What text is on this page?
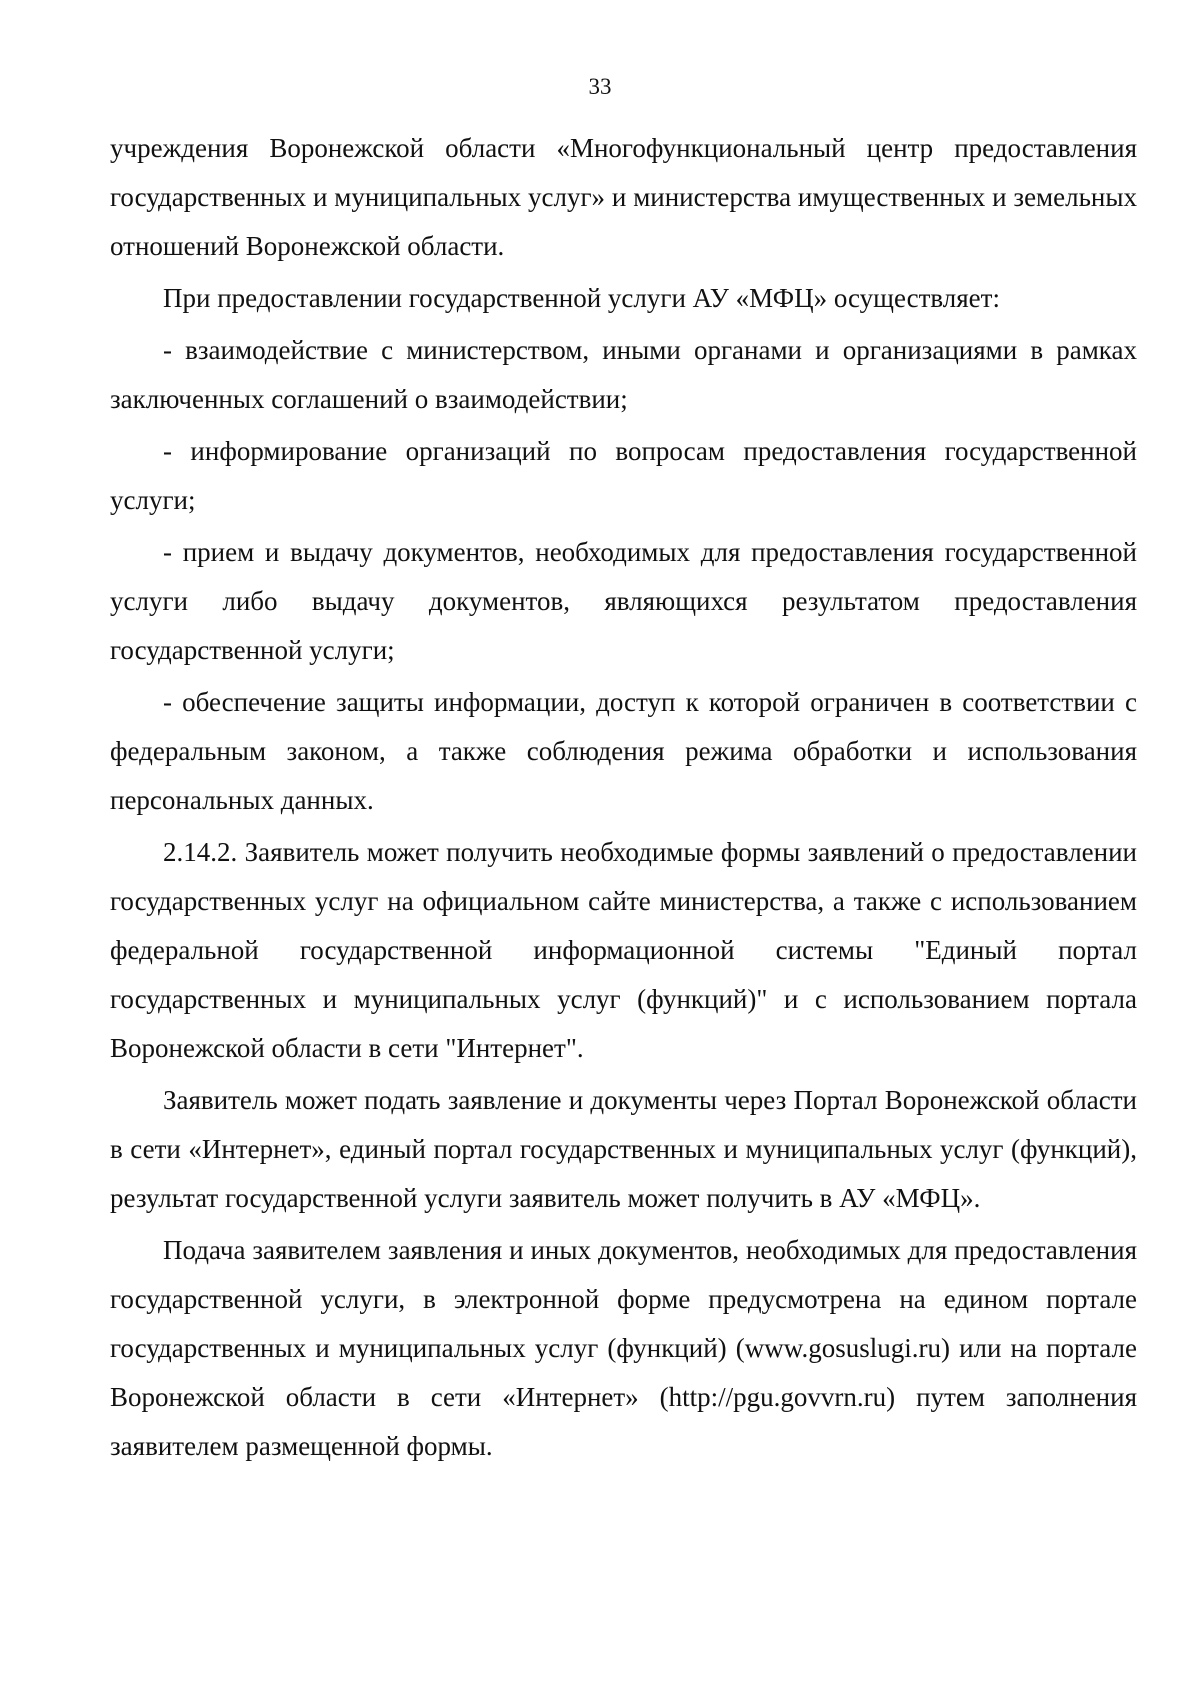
33

учреждения Воронежской области «Многофункциональный центр предоставления государственных и муниципальных услуг» и министерства имущественных и земельных отношений Воронежской области.

При предоставлении государственной услуги АУ «МФЦ» осуществляет:

- взаимодействие с министерством, иными органами и организациями в рамках заключенных соглашений о взаимодействии;

- информирование организаций по вопросам предоставления государственной услуги;

- прием и выдачу документов, необходимых для предоставления государственной услуги либо выдачу документов, являющихся результатом предоставления государственной услуги;

- обеспечение защиты информации, доступ к которой ограничен в соответствии с федеральным законом, а также соблюдения режима обработки и использования персональных данных.

2.14.2. Заявитель может получить необходимые формы заявлений о предоставлении государственных услуг на официальном сайте министерства, а также с использованием федеральной государственной информационной системы "Единый портал государственных и муниципальных услуг (функций)" и с использованием портала Воронежской области в сети "Интернет".

Заявитель может подать заявление и документы через Портал Воронежской области в сети «Интернет», единый портал государственных и муниципальных услуг (функций), результат государственной услуги заявитель может получить в АУ «МФЦ».

Подача заявителем заявления и иных документов, необходимых для предоставления государственной услуги, в электронной форме предусмотрена на едином портале государственных и муниципальных услуг (функций) (www.gosuslugi.ru) или на портале Воронежской области в сети «Интернет» (http://pgu.govvrn.ru) путем заполнения заявителем размещенной формы.
